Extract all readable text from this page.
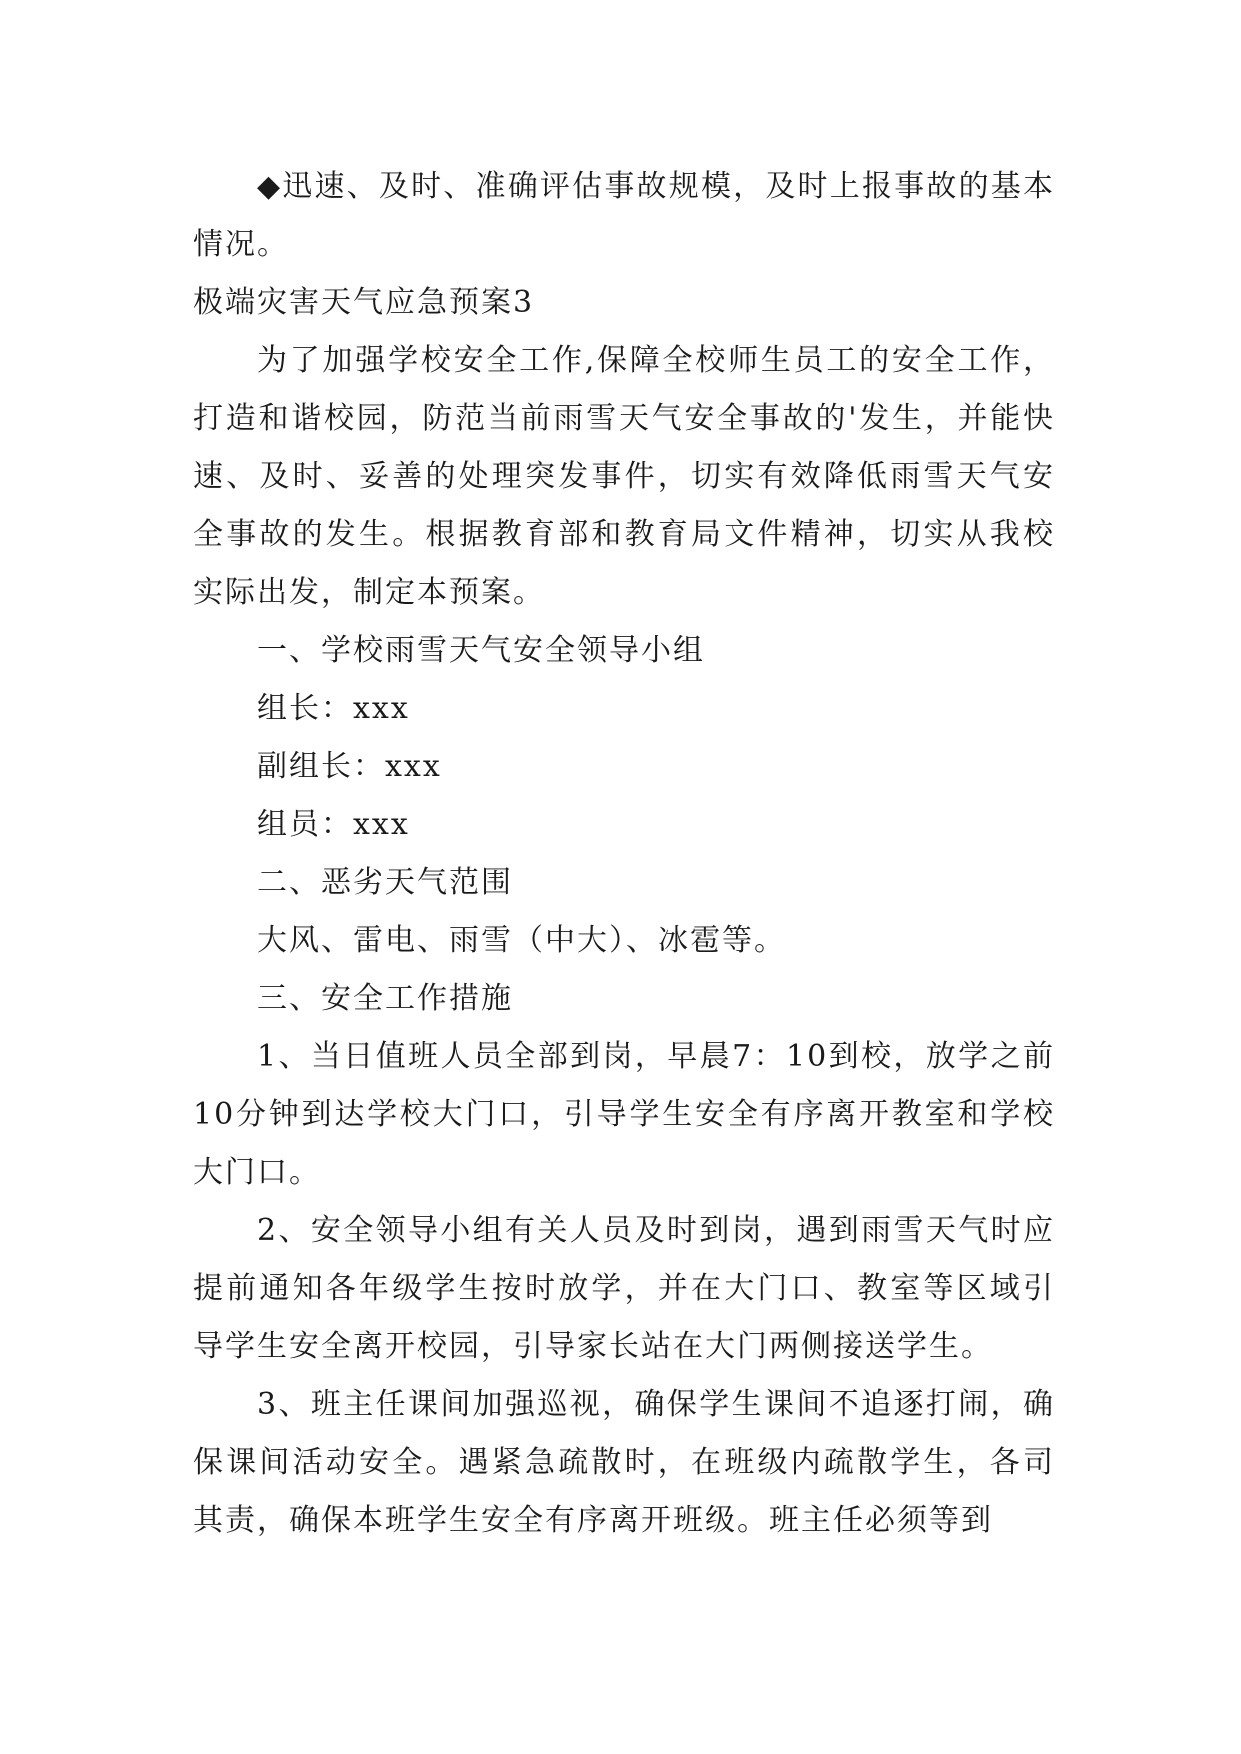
◆迅速、及时、准确评估事故规模，及时上报事故的基本情况。

极端灾害天气应急预案3

为了加强学校安全工作,保障全校师生员工的安全工作，打造和谐校园，防范当前雨雪天气安全事故的'发生，并能快速、及时、妥善的处理突发事件，切实有效降低雨雪天气安全事故的发生。根据教育部和教育局文件精神，切实从我校实际出发，制定本预案。

一、学校雨雪天气安全领导小组

组长：xxx

副组长：xxx

组员：xxx

二、恶劣天气范围

大风、雷电、雨雪（中大）、冰雹等。

三、安全工作措施

1、当日值班人员全部到岗，早晨7：10到校，放学之前10分钟到达学校大门口，引导学生安全有序离开教室和学校大门口。

2、安全领导小组有关人员及时到岗，遇到雨雪天气时应提前通知各年级学生按时放学，并在大门口、教室等区域引导学生安全离开校园，引导家长站在大门两侧接送学生。

3、班主任课间加强巡视，确保学生课间不追逐打闹，确保课间活动安全。遇紧急疏散时，在班级内疏散学生，各司其责，确保本班学生安全有序离开班级。班主任必须等到
